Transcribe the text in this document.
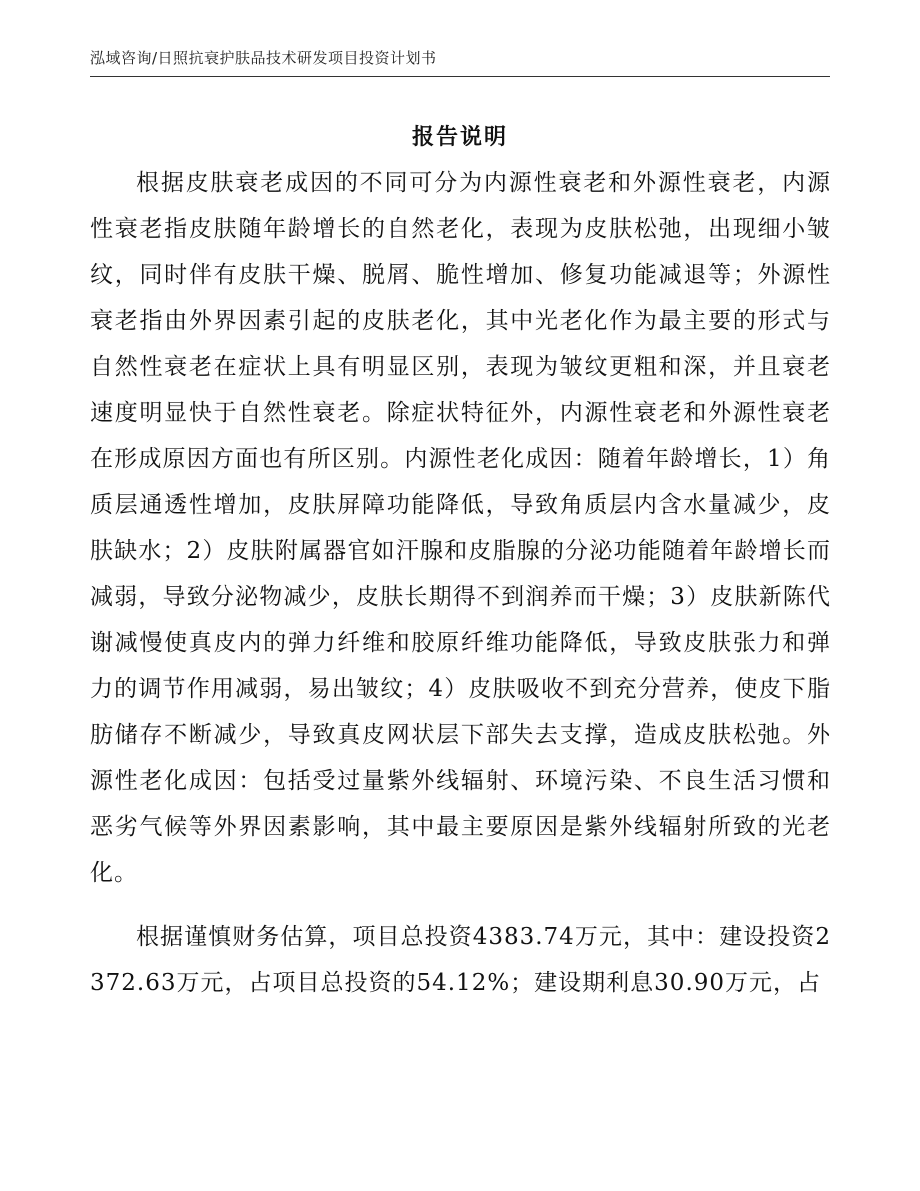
泓域咨询/日照抗衰护肤品技术研发项目投资计划书
报告说明

根据皮肤衰老成因的不同可分为内源性衰老和外源性衰老，内源性衰老指皮肤随年龄增长的自然老化，表现为皮肤松弛，出现细小皱纹，同时伴有皮肤干燥、脱屑、脆性增加、修复功能减退等；外源性衰老指由外界因素引起的皮肤老化，其中光老化作为最主要的形式与自然性衰老在症状上具有明显区别，表现为皱纹更粗和深，并且衰老速度明显快于自然性衰老。除症状特征外，内源性衰老和外源性衰老在形成原因方面也有所区别。内源性老化成因：随着年龄增长，1）角质层通透性增加，皮肤屏障功能降低，导致角质层内含水量减少，皮肤缺水；2）皮肤附属器官如汗腺和皮脂腺的分泌功能随着年龄增长而减弱，导致分泌物减少，皮肤长期得不到润养而干燥；3）皮肤新陈代谢减慢使真皮内的弹力纤维和胶原纤维功能降低，导致皮肤张力和弹力的调节作用减弱，易出皱纹；4）皮肤吸收不到充分营养，使皮下脂肪储存不断减少，导致真皮网状层下部失去支撑，造成皮肤松弛。外源性老化成因：包括受过量紫外线辐射、环境污染、不良生活习惯和恶劣气候等外界因素影响，其中最主要原因是紫外线辐射所致的光老化。

根据谨慎财务估算，项目总投资4383.74万元，其中：建设投资2372.63万元，占项目总投资的54.12%；建设期利息30.90万元，占
